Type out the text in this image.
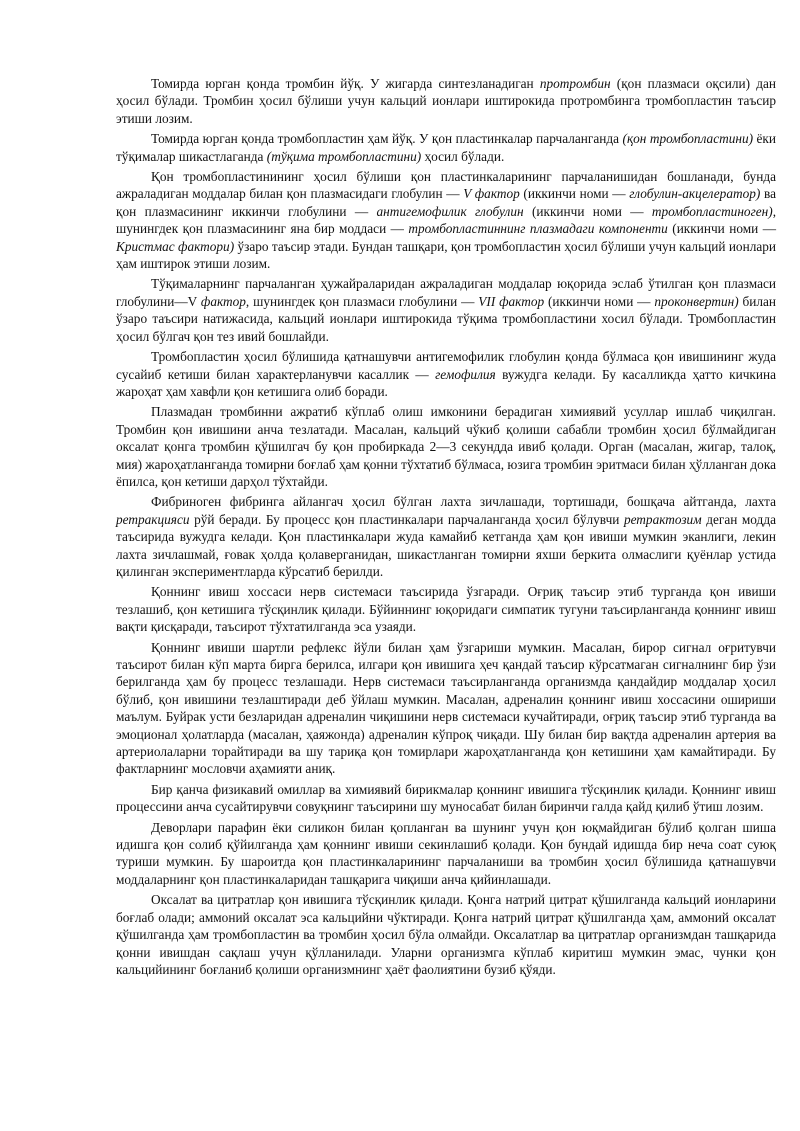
Томирда юрган қонда тромбин йўқ. У жигарда синтезланадиган протромбин (қон плазмаси оқсили) дан ҳосил бўлади. Тромбин ҳосил бўлиши учун кальций ионлари иштирокида протромбинга тромбопластин таъсир этиши лозим.

Томирда юрган қонда тромбопластин ҳам йўқ. У қон пластинкалар парчаланганда (қон тромбопластини) ёки тўқималар шикастлаганда (тўқима тромбопластини) ҳосил бўлади.

Қон тромбопластинининг ҳосил бўлиши қон пластинкаларининг парчаланишидан бошланади, бунда ажраладиган моддалар билан қон плазмасидаги глобулин — V фактор (иккинчи номи — глобулин-акцелератор) ва қон плазмасининг иккинчи глобулини — антигемофилик глобулин (иккинчи номи — тромбопластиноген), шунингдек қон плазмасининг яна бир моддаси — тромбопластиннинг плазмадаги компоненти (иккинчи номи — Кристмас фактори) ўзаро таъсир этади. Бундан ташқари, қон тромбопластин ҳосил бўлиши учун кальций ионлари ҳам иштирок этиши лозим.

Тўқималарнинг парчаланган ҳужайраларидан ажраладиган моддалар юқорида эслаб ўтилган қон плазмаси глобулини—V фактор, шунингдек қон плазмаси глобулини — VII фактор (иккинчи номи — проконвертин) билан ўзаро таъсири натижасида, кальций ионлари иштирокида тўқима тромбопластини хосил бўлади. Тромбопластин ҳосил бўлгач қон тез ивий бошлайди.

Тромбопластин ҳосил бўлишида қатнашувчи антигемофилик глобулин қонда бўлмаса қон ивишининг жуда сусайиб кетиши билан характерланувчи касаллик — гемофилия вужудга келади. Бу касалликда ҳатто кичкина жароҳат ҳам хавфли қон кетишига олиб боради.

Плазмадан тромбинни ажратиб кўплаб олиш имконини берадиган химиявий усуллар ишлаб чиқилган. Тромбин қон ивишини анча тезлатади. Масалан, кальций чўкиб қолиши сабабли тромбин ҳосил бўлмайдиган оксалат қонга тромбин қўшилгач бу қон пробиркада 2—3 секундда ивиб қолади. Орган (масалан, жигар, талоқ, мия) жароҳатланганда томирни боғлаб ҳам қонни тўхтатиб бўлмаса, юзига тромбин эритмаси билан ҳўлланган дока ёпилса, қон кетиши дарҳол тўхтайди.

Фибриноген фибринга айлангач ҳосил бўлган лахта зичлашади, тортишади, бошқача айтганда, лахта ретракцияси рўй беради. Бу процесс қон пластинкалари парчаланганда ҳосил бўлувчи ретрактозим деган модда таъсирида вужудга келади. Қон пластинкалари жуда камайиб кетганда ҳам қон ивиши мумкин эканлиги, лекин лахта зичлашмай, ғовак ҳолда қолаверганидан, шикастланган томирни яхши беркита олмаслиги қуёнлар устида қилинган экспериментларда кўрсатиб берилди.

Қоннинг ивиш хоссаси нерв системаси таъсирида ўзгаради. Оғриқ таъсир этиб турганда қон ивиши тезлашиб, қон кетишига тўсқинлик қилади. Бўйиннинг юқоридаги симпатик тугуни таъсирланганда қоннинг ивиш вақти қисқаради, таъсирот тўхтатилганда эса узаяди.

Қоннинг ивиши шартли рефлекс йўли билан ҳам ўзгариши мумкин. Масалан, бирор сигнал оғритувчи таъсирот билан кўп марта бирга берилса, илгари қон ивишига ҳеч қандай таъсир кўрсатмаган сигналнинг бир ўзи берилганда ҳам бу процесс тезлашади. Нерв системаси таъсирланганда организмда қандайдир моддалар ҳосил бўлиб, қон ивишини тезлаштиради деб ўйлаш мумкин. Масалан, адреналин қоннинг ивиш хоссасини ошириши маълум. Буйрак усти безларидан адреналин чиқишини нерв системаси кучайтиради, оғриқ таъсир этиб турганда ва эмоционал ҳолатларда (масалан, ҳаяжонда) адреналин кўпроқ чиқади. Шу билан бир вақтда адреналин артерия ва артериолаларни торайтиради ва шу тариқа қон томирлари жароҳатланганда қон кетишини ҳам камайтиради. Бу фактларнинг мословчи аҳамияти аниқ.

Бир қанча физикавий омиллар ва химиявий бирикмалар қоннинг ивишига тўсқинлик қилади. Қоннинг ивиш процессини анча сусайтирувчи совуқнинг таъсирини шу муносабат билан биринчи галда қайд қилиб ўтиш лозим.

Деворлари парафин ёки силикон билан қопланган ва шунинг учун қон юқмайдиган бўлиб қолган шиша идишга қон солиб қўйилганда ҳам қоннинг ивиши секинлашиб қолади. Қон бундай идишда бир неча соат суюқ туриши мумкин. Бу шароитда қон пластинкаларининг парчаланиши ва тромбин ҳосил бўлишида қатнашувчи моддаларнинг қон пластинкаларидан ташқарига чиқиши анча қийинлашади.

Оксалат ва цитратлар қон ивишига тўсқинлик қилади. Қонга натрий цитрат қўшилганда кальций ионларини боғлаб олади; аммоний оксалат эса кальцийни чўктиради. Қонга натрий цитрат қўшилганда ҳам, аммоний оксалат қўшилганда ҳам тромбопластин ва тромбин ҳосил бўла олмайди. Оксалатлар ва цитратлар организмдан ташқарида қонни ивишдан сақлаш учун қўлланилади. Уларни организмга кўплаб киритиш мумкин эмас, чунки қон кальцийининг боғланиб қолиши организмнинг ҳаёт фаолиятини бузиб қўяди.
